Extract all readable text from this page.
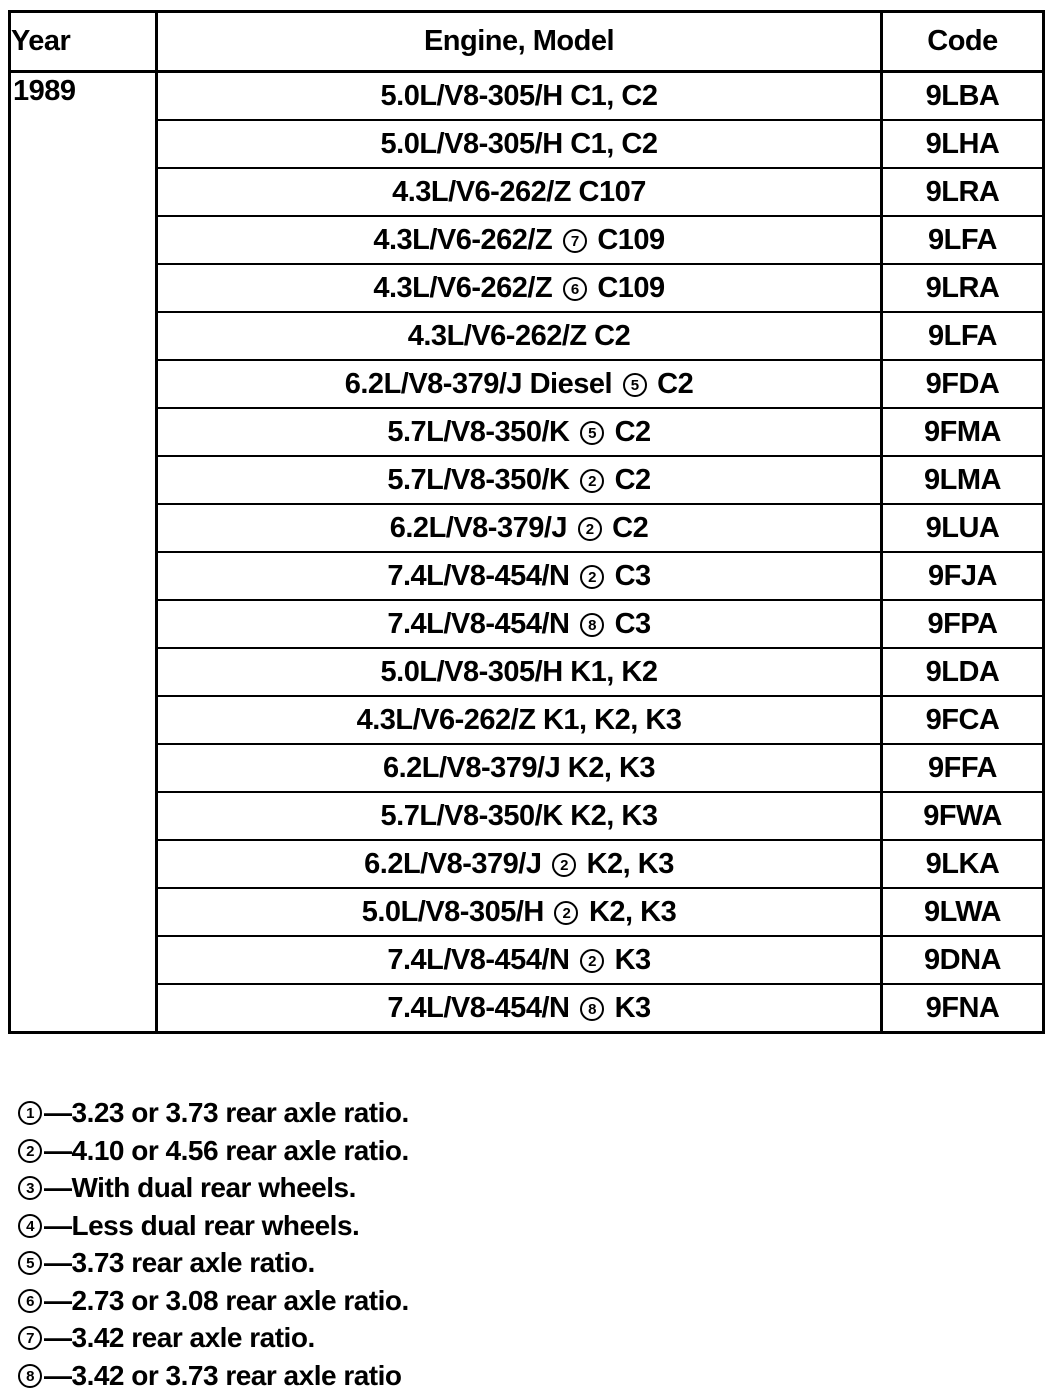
Year	Engine, Model	Code
1989	5.0L/V8-305/H C1, C2	9LBA
	5.0L/V8-305/H C1, C2	9LHA
	4.3L/V6-262/Z C107	9LRA
	4.3L/V6-262/Z 7 C109	9LFA
	4.3L/V6-262/Z 6 C109	9LRA
	4.3L/V6-262/Z C2	9LFA
	6.2L/V8-379/J Diesel 5 C2	9FDA
	5.7L/V8-350/K 5 C2	9FMA
	5.7L/V8-350/K 2 C2	9LMA
	6.2L/V8-379/J 2 C2	9LUA
	7.4L/V8-454/N 2 C3	9FJA
	7.4L/V8-454/N 8 C3	9FPA
	5.0L/V8-305/H K1, K2	9LDA
	4.3L/V6-262/Z K1, K2, K3	9FCA
	6.2L/V8-379/J K2, K3	9FFA
	5.7L/V8-350/K K2, K3	9FWA
	6.2L/V8-379/J 2 K2, K3	9LKA
	5.0L/V8-305/H 2 K2, K3	9LWA
	7.4L/V8-454/N 2 K3	9DNA
	7.4L/V8-454/N 8 K3	9FNA
1 —3.23 or 3.73 rear axle ratio.
2 —4.10 or 4.56 rear axle ratio.
3 —With dual rear wheels.
4 —Less dual rear wheels.
5 —3.73 rear axle ratio.
6 —2.73 or 3.08 rear axle ratio.
7 —3.42 rear axle ratio.
8 —3.42 or 3.73 rear axle ratio
